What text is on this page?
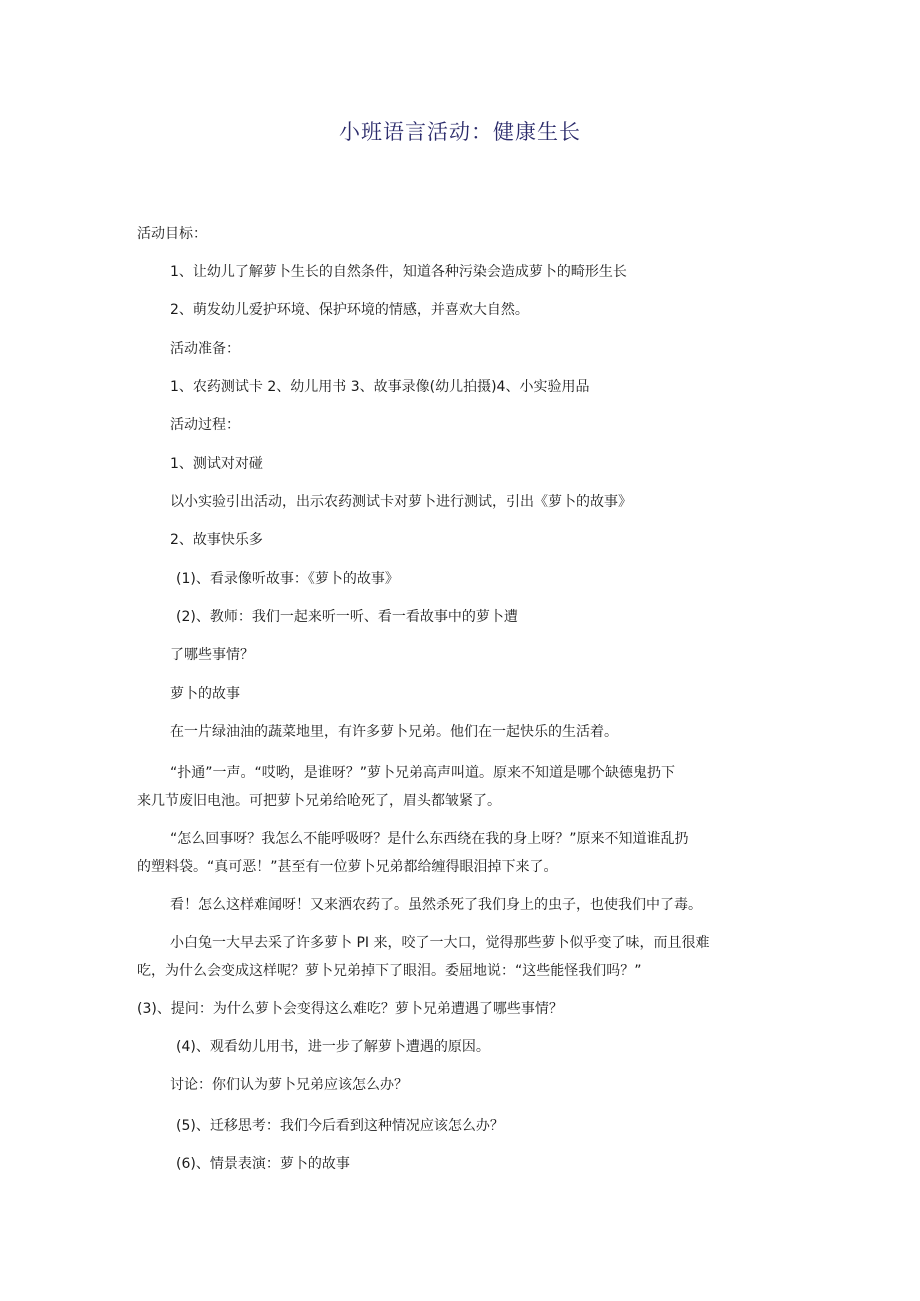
小班语言活动：健康生长
活动目标：
1、让幼儿了解萝卜生长的自然条件，知道各种污染会造成萝卜的畸形生长
2、萌发幼儿爱护环境、保护环境的情感，并喜欢大自然。
活动准备：
1、农药测试卡 2、幼儿用书 3、故事录像(幼儿拍摄)4、小实验用品
活动过程：
1、测试对对碰
以小实验引出活动，出示农药测试卡对萝卜进行测试，引出《萝卜的故事》
2、故事快乐多
(1)、看录像听故事：《萝卜的故事》
(2)、教师：我们一起来听一听、看一看故事中的萝卜遭
了哪些事情？
萝卜的故事
在一片绿油油的蔬菜地里，有许多萝卜兄弟。他们在一起快乐的生活着。
“扑通”一声。“哎哟，是谁呀？”萝卜兄弟高声叫道。原来不知道是哪个缺德鬼扔下
来几节废旧电池。可把萝卜兄弟给呛死了，眉头都皱紧了。
“怎么回事呀？我怎么不能呼吸呀？是什么东西绕在我的身上呀？”原来不知道谁乱扔
的塑料袋。“真可恶！”甚至有一位萝卜兄弟都给缠得眼泪掉下来了。
看！怎么这样难闻呀！又来洒农药了。虽然杀死了我们身上的虫子，也使我们中了毒。
小白兔一大早去采了许多萝卜 PI 来，咬了一大口，觉得那些萝卜似乎变了味，而且很难
吃，为什么会变成这样呢？萝卜兄弟掉下了眼泪。委屈地说：“这些能怪我们吗？”
(3)、提问：为什么萝卜会变得这么难吃？萝卜兄弟遭遇了哪些事情？
(4)、观看幼儿用书，进一步了解萝卜遭遇的原因。
讨论：你们认为萝卜兄弟应该怎么办？
(5)、迁移思考：我们今后看到这种情况应该怎么办？
(6)、情景表演：萝卜的故事
